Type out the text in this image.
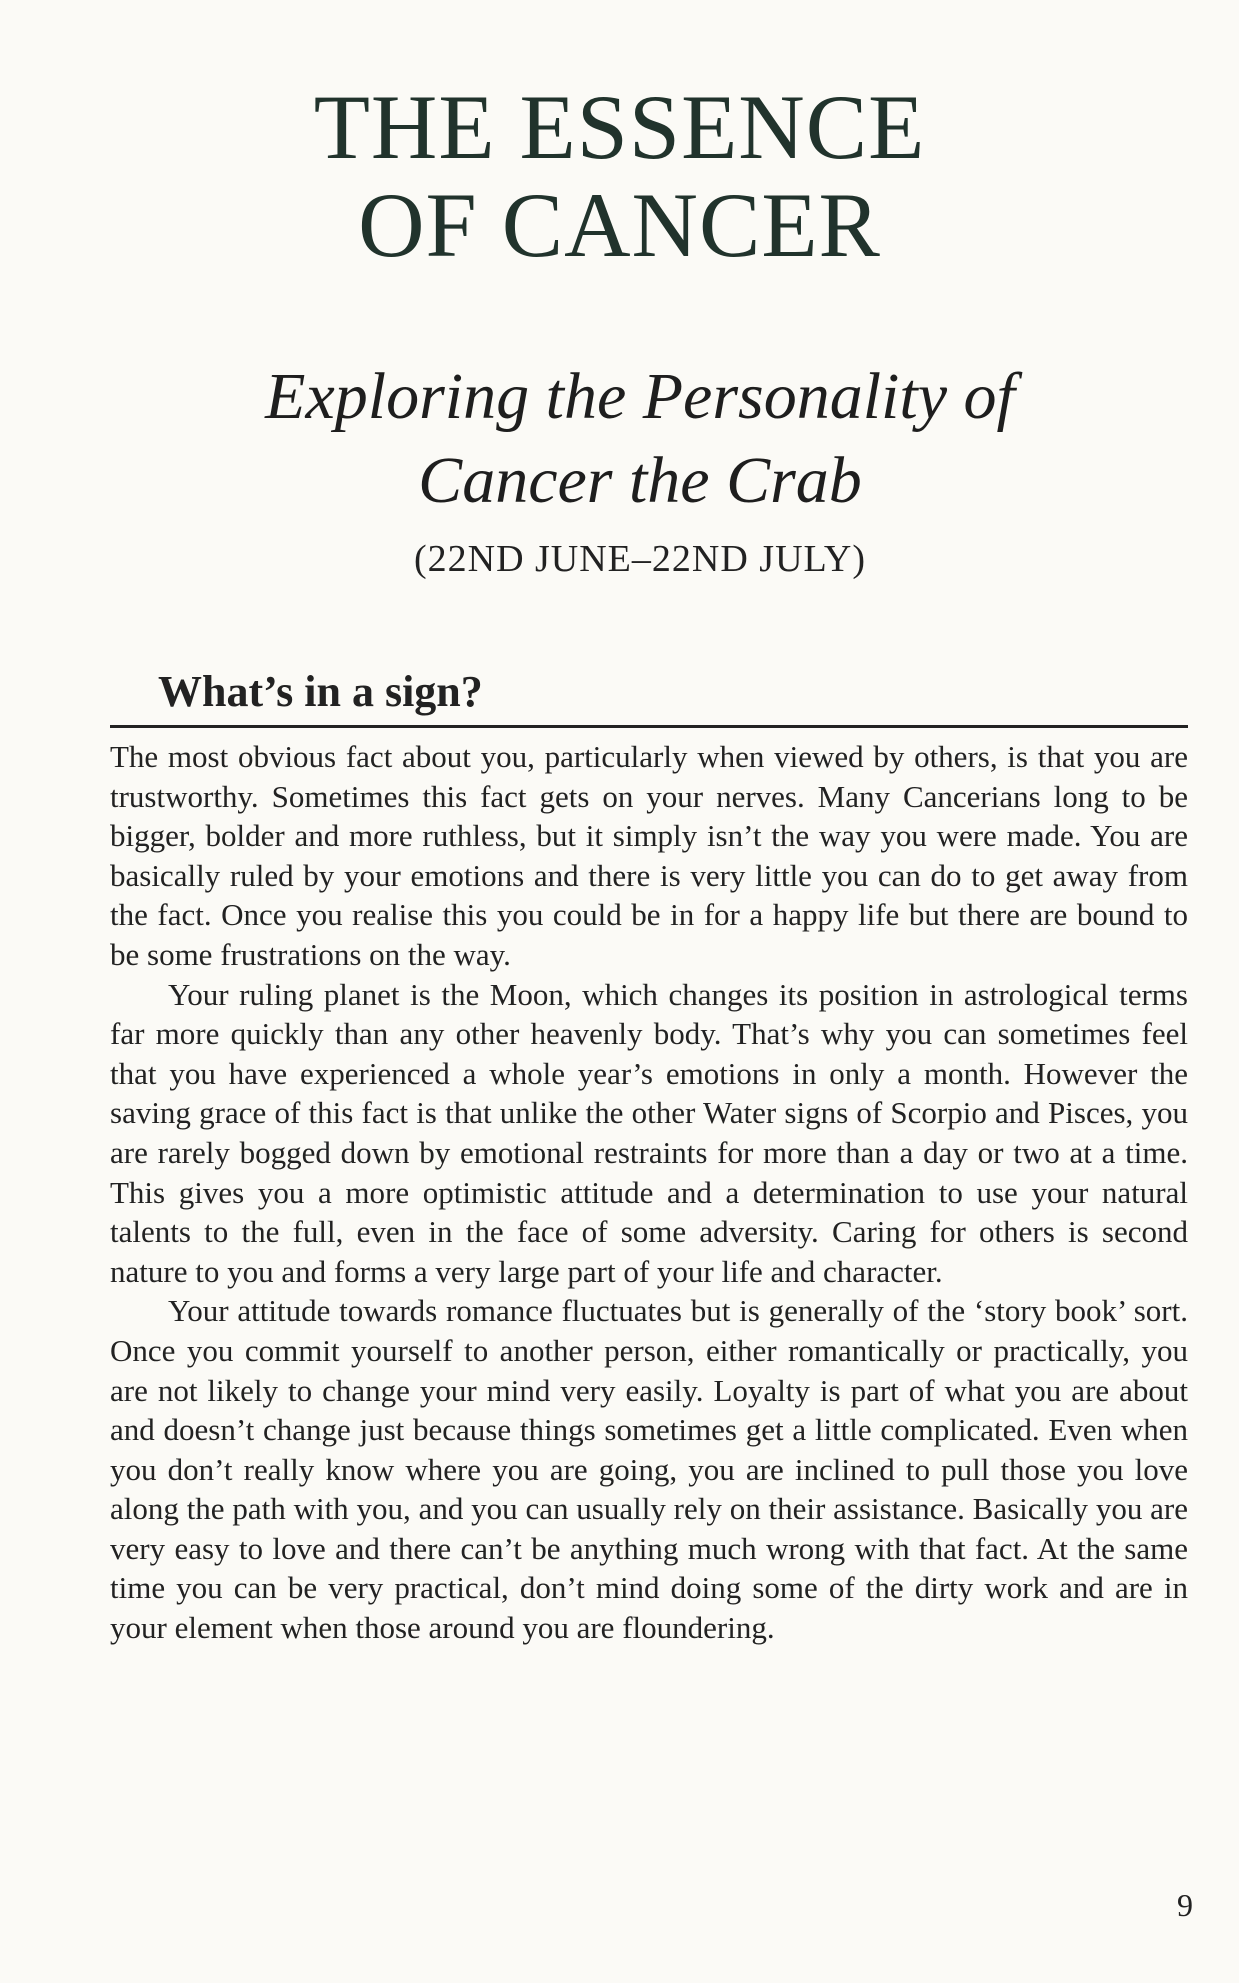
THE ESSENCE
OF CANCER
Exploring the Personality of
Cancer the Crab
(22ND JUNE–22ND JULY)
What’s in a sign?

The most obvious fact about you, particularly when viewed by others, is that you are trustworthy. Sometimes this fact gets on your nerves. Many Cancerians long to be bigger, bolder and more ruthless, but it simply isn’t the way you were made. You are basically ruled by your emotions and there is very little you can do to get away from the fact. Once you realise this you could be in for a happy life but there are bound to be some frustrations on the way.

Your ruling planet is the Moon, which changes its position in astrological terms far more quickly than any other heavenly body. That’s why you can sometimes feel that you have experienced a whole year’s emotions in only a month. However the saving grace of this fact is that unlike the other Water signs of Scorpio and Pisces, you are rarely bogged down by emotional restraints for more than a day or two at a time. This gives you a more optimistic attitude and a determination to use your natural talents to the full, even in the face of some adversity. Caring for others is second nature to you and forms a very large part of your life and character.

Your attitude towards romance fluctuates but is generally of the ‘story book’ sort. Once you commit yourself to another person, either romantically or practically, you are not likely to change your mind very easily. Loyalty is part of what you are about and doesn’t change just because things sometimes get a little complicated. Even when you don’t really know where you are going, you are inclined to pull those you love along the path with you, and you can usually rely on their assistance. Basically you are very easy to love and there can’t be anything much wrong with that fact. At the same time you can be very practical, don’t mind doing some of the dirty work and are in your element when those around you are floundering.

9
